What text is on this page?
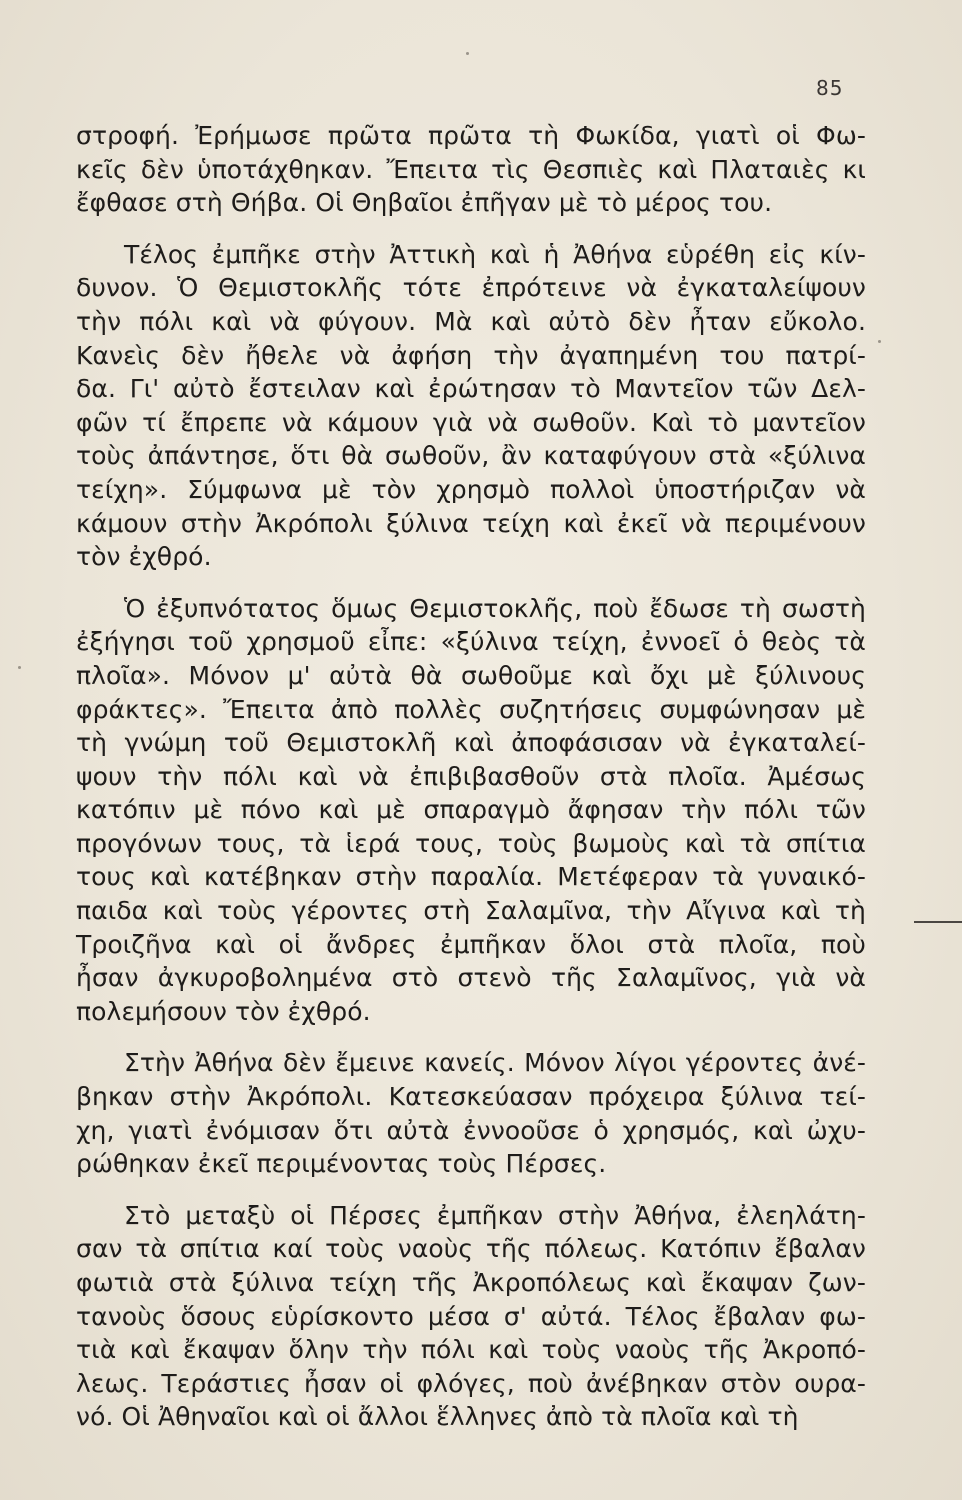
85
στροφή. Ἐρήμωσε πρῶτα πρῶτα τὴ Φωκίδα, γιατὶ οἱ Φω-
κεῖς δὲν ὑποτάχθηκαν. Ἔπειτα τὶς Θεσπιὲς καὶ Πλαταιὲς κι
ἔφθασε στὴ Θήβα. Οἱ Θηβαῖοι ἐπῆγαν μὲ τὸ μέρος του.
Τέλος ἐμπῆκε στὴν Ἀττικὴ καὶ ἡ Ἀθήνα εὑρέθη εἰς κίν-
δυνον. Ὁ Θεμιστοκλῆς τότε ἐπρότεινε νὰ ἐγκαταλείψουν
τὴν πόλι καὶ νὰ φύγουν. Μὰ καὶ αὐτὸ δὲν ἦταν εὔκολο.
Κανεὶς δὲν ἤθελε νὰ ἀφήση τὴν ἀγαπημένη του πατρί-
δα. Γι' αὐτὸ ἔστειλαν καὶ ἐρώτησαν τὸ Μαντεῖον τῶν Δελ-
φῶν τί ἔπρεπε νὰ κάμουν γιὰ νὰ σωθοῦν. Καὶ τὸ μαντεῖον
τοὺς ἀπάντησε, ὅτι θὰ σωθοῦν, ἂν καταφύγουν στὰ «ξύλινα
τείχη». Σύμφωνα μὲ τὸν χρησμὸ πολλοὶ ὑποστήριζαν νὰ
κάμουν στὴν Ἀκρόπολι ξύλινα τείχη καὶ ἐκεῖ νὰ περιμένουν
τὸν ἐχθρό.
Ὁ ἐξυπνότατος ὅμως Θεμιστοκλῆς, ποὺ ἔδωσε τὴ σωστὴ
ἐξήγησι τοῦ χρησμοῦ εἶπε: «ξύλινα τείχη, ἐννοεῖ ὁ θεὸς τὰ
πλοῖα». Μόνον μ' αὐτὰ θὰ σωθοῦμε καὶ ὄχι μὲ ξύλινους
φράκτες». Ἔπειτα ἀπὸ πολλὲς συζητήσεις συμφώνησαν μὲ
τὴ γνώμη τοῦ Θεμιστοκλῆ καὶ ἀποφάσισαν νὰ ἐγκαταλεί-
ψουν τὴν πόλι καὶ νὰ ἐπιβιβασθοῦν στὰ πλοῖα. Ἀμέσως
κατόπιν μὲ πόνο καὶ μὲ σπαραγμὸ ἄφησαν τὴν πόλι τῶν
προγόνων τους, τὰ ἱερά τους, τοὺς βωμοὺς καὶ τὰ σπίτια
τους καὶ κατέβηκαν στὴν παραλία. Μετέφεραν τὰ γυναικό-
παιδα καὶ τοὺς γέροντες στὴ Σαλαμῖνα, τὴν Αἴγινα καὶ τὴ
Τροιζῆνα καὶ οἱ ἄνδρες ἐμπῆκαν ὅλοι στὰ πλοῖα, ποὺ
ἦσαν ἀγκυροβολημένα στὸ στενὸ τῆς Σαλαμῖνος, γιὰ νὰ
πολεμήσουν τὸν ἐχθρό.
Στὴν Ἀθήνα δὲν ἔμεινε κανείς. Μόνον λίγοι γέροντες ἀνέ-
βηκαν στὴν Ἀκρόπολι. Κατεσκεύασαν πρόχειρα ξύλινα τεί-
χη, γιατὶ ἐνόμισαν ὅτι αὐτὰ ἐννοοῦσε ὁ χρησμός, καὶ ὠχυ-
ρώθηκαν ἐκεῖ περιμένοντας τοὺς Πέρσες.
Στὸ μεταξὺ οἱ Πέρσες ἐμπῆκαν στὴν Ἀθήνα, ἐλεηλάτη-
σαν τὰ σπίτια καί τοὺς ναοὺς τῆς πόλεως. Κατόπιν ἔβαλαν
φωτιὰ στὰ ξύλινα τείχη τῆς Ἀκροπόλεως καὶ ἔκαψαν ζων-
τανοὺς ὅσους εὑρίσκοντο μέσα σ' αὐτά. Τέλος ἔβαλαν φω-
τιὰ καὶ ἔκαψαν ὅλην τὴν πόλι καὶ τοὺς ναοὺς τῆς Ἀκροπό-
λεως. Τεράστιες ἦσαν οἱ φλόγες, ποὺ ἀνέβηκαν στὸν ουρα-
νό. Οἱ Ἀθηναῖοι καὶ οἱ ἄλλοι ἕλληνες ἀπὸ τὰ πλοῖα καὶ τὴ
